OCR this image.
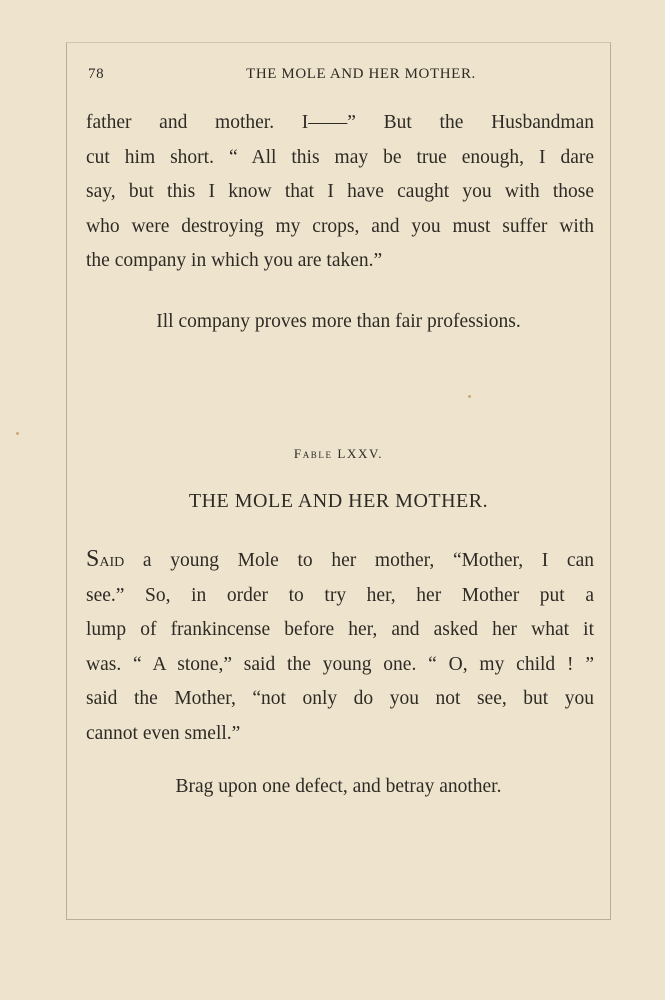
78	THE MOLE AND HER MOTHER.
father and mother. I——” But the Husbandman
cut him short. “ All this may be true enough, I dare
say, but this I know that I have caught you with those
who were destroying my crops, and you must suffer with
the company in which you are taken.”
Ill company proves more than fair professions.
Fable LXXV.
THE MOLE AND HER MOTHER.
Said a young Mole to her mother, “Mother, I can
see.” So, in order to try her, her Mother put a
lump of frankincense before her, and asked her what it
was. “ A stone,” said the young one. “ O, my child ! ”
said the Mother, “not only do you not see, but you
cannot even smell.”
Brag upon one defect, and betray another.
